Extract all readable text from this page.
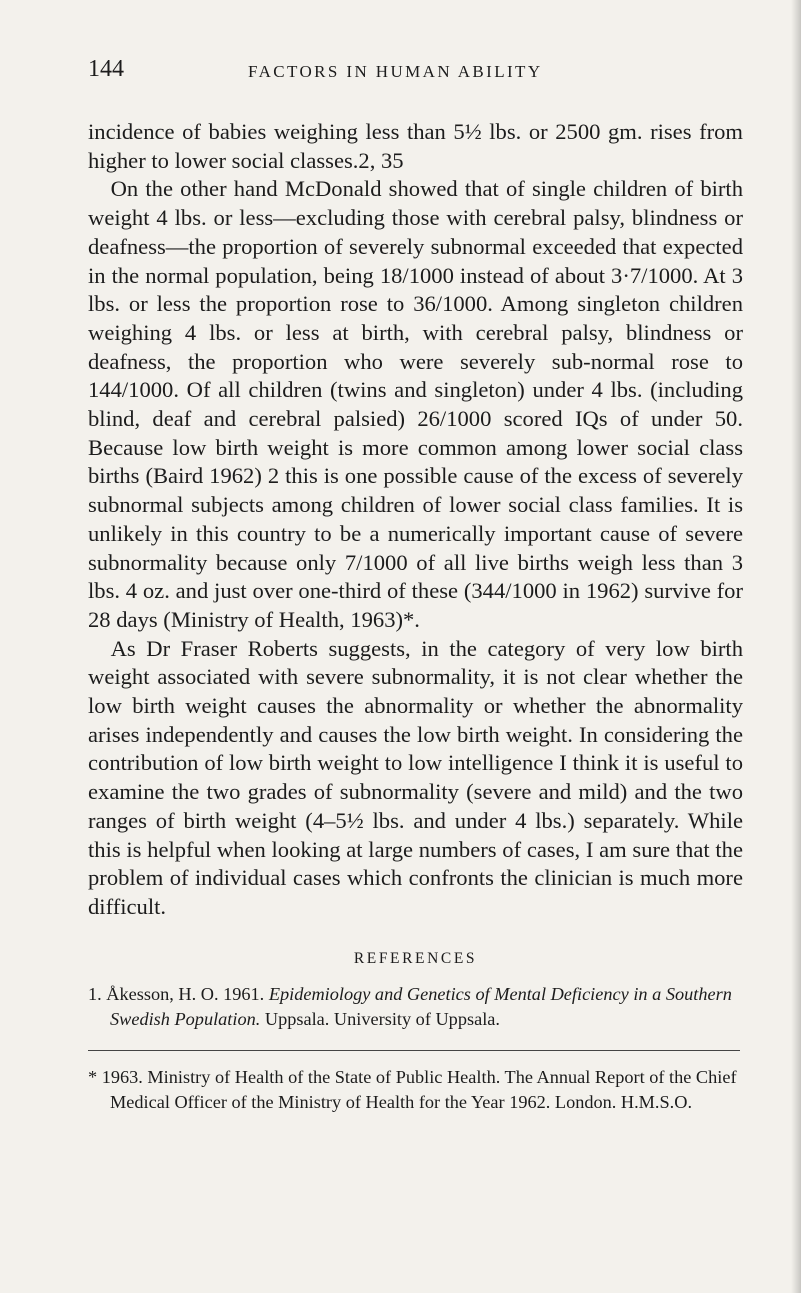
144	FACTORS IN HUMAN ABILITY

incidence of babies weighing less than 5½ lbs. or 2500 gm. rises from higher to lower social classes.2, 35

On the other hand McDonald showed that of single children of birth weight 4 lbs. or less—excluding those with cerebral palsy, blindness or deafness—the proportion of severely subnormal exceeded that expected in the normal population, being 18/1000 instead of about 3·7/1000. At 3 lbs. or less the proportion rose to 36/1000. Among singleton children weighing 4 lbs. or less at birth, with cerebral palsy, blindness or deafness, the proportion who were severely sub-normal rose to 144/1000. Of all children (twins and singleton) under 4 lbs. (including blind, deaf and cerebral palsied) 26/1000 scored IQs of under 50. Because low birth weight is more common among lower social class births (Baird 1962) 2 this is one possible cause of the excess of severely subnormal subjects among children of lower social class families. It is unlikely in this country to be a numerically important cause of severe subnormality because only 7/1000 of all live births weigh less than 3 lbs. 4 oz. and just over one-third of these (344/1000 in 1962) survive for 28 days (Ministry of Health, 1963)*.

As Dr Fraser Roberts suggests, in the category of very low birth weight associated with severe subnormality, it is not clear whether the low birth weight causes the abnormality or whether the abnormality arises independently and causes the low birth weight. In considering the contribution of low birth weight to low intelligence I think it is useful to examine the two grades of subnormality (severe and mild) and the two ranges of birth weight (4–5½ lbs. and under 4 lbs.) separately. While this is helpful when looking at large numbers of cases, I am sure that the problem of individual cases which confronts the clinician is much more difficult.

REFERENCES

1. Åkesson, H. O. 1961. Epidemiology and Genetics of Mental Deficiency in a Southern Swedish Population. Uppsala. University of Uppsala.

* 1963. Ministry of Health of the State of Public Health. The Annual Report of the Chief Medical Officer of the Ministry of Health for the Year 1962. London. H.M.S.O.
